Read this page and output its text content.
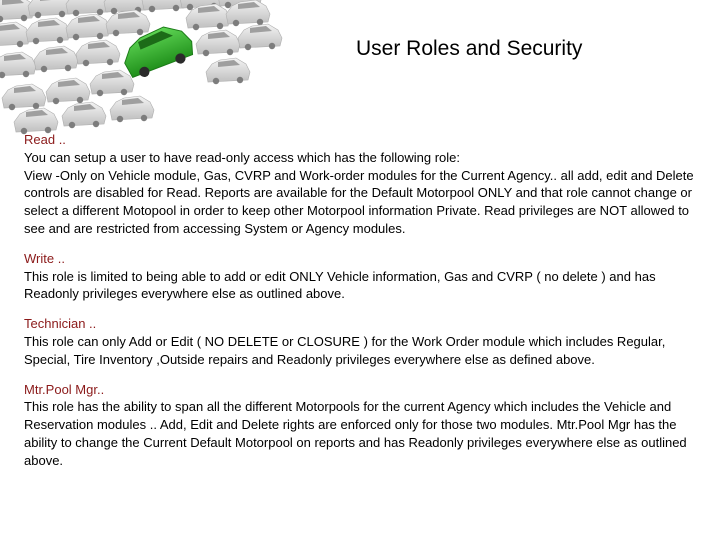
User Roles and Security
Read ..
You can setup a user to have read-only access which has the following role:
View -Only on Vehicle module, Gas, CVRP and Work-order modules for the Current Agency.. all add, edit and Delete controls are disabled for Read. Reports are available for the Default Motorpool ONLY and that role cannot change or select a different Motopool in order to keep other Motorpool information Private. Read privileges are NOT allowed to see and are restricted from accessing System or Agency modules.
Write ..
This role is limited to being able to add or edit ONLY Vehicle information, Gas and CVRP ( no delete ) and has Readonly privileges everywhere else as outlined above.
Technician ..
This role can only Add or Edit ( NO DELETE or CLOSURE ) for the Work Order module which includes Regular, Special, Tire Inventory ,Outside repairs and Readonly privileges everywhere else as defined above.
Mtr.Pool Mgr..
This role has the ability to span all the different Motorpools for the current Agency which includes the Vehicle and Reservation modules .. Add, Edit and Delete rights are enforced only for those two modules. Mtr.Pool Mgr has the ability to change the Current Default Motorpool on reports and has Readonly privileges everywhere else as outlined above.
